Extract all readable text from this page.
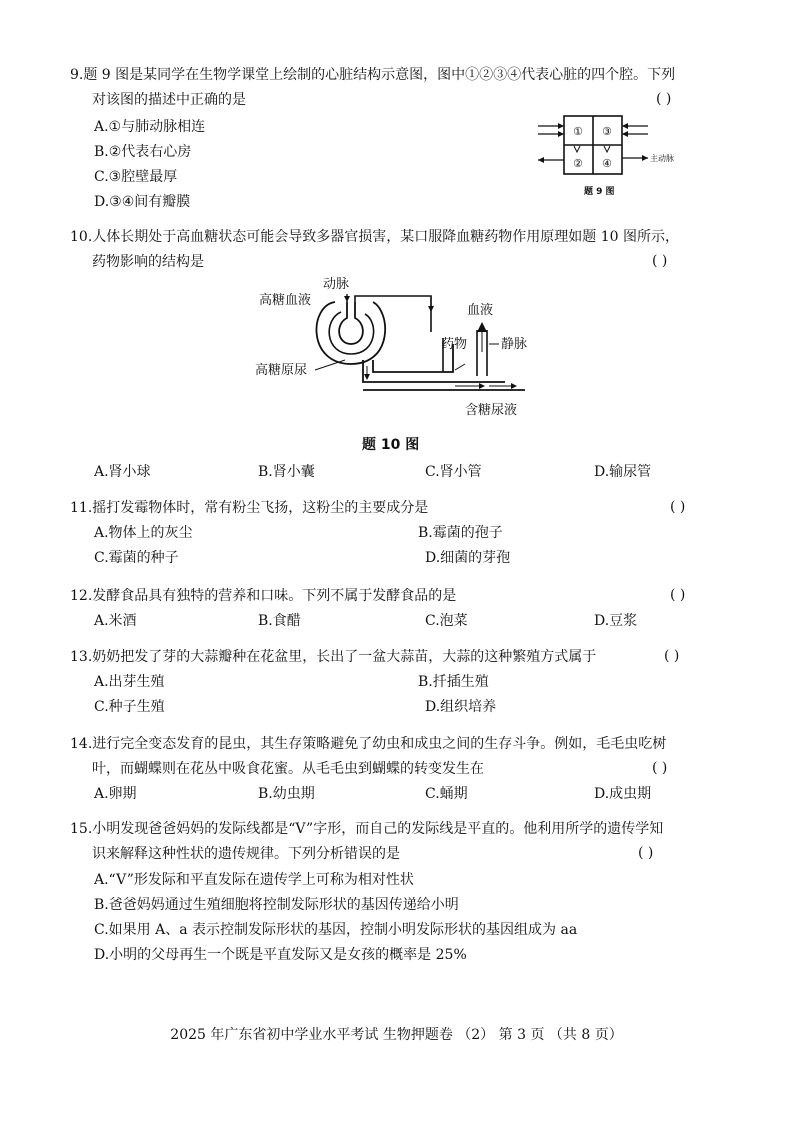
9.题 9 图是某同学在生物学课堂上绘制的心脏结构示意图，图中①②③④代表心脏的四个腔。下列
对该图的描述中正确的是	( )
A.①与肺动脉相连
B.②代表右心房
C.③腔壁最厚
D.③④间有瓣膜
① ③
② ④	主动脉
题 9 图
10.人体长期处于高血糖状态可能会导致多器官损害，某口服降血糖药物作用原理如题 10 图所示，
药物影响的结构是	( )
动脉
高糖血液
血液
药物	静脉
高糖原尿
含糖尿液
题 10 图
A.肾小球	B.肾小囊	C.肾小管	D.输尿管
11.摇打发霉物体时，常有粉尘飞扬，这粉尘的主要成分是	( )
A.物体上的灰尘	B.霉菌的孢子
C.霉菌的种子	D.细菌的芽孢
12.发酵食品具有独特的营养和口味。下列不属于发酵食品的是	( )
A.米酒	B.食醋	C.泡菜	D.豆浆
13.奶奶把发了芽的大蒜瓣种在花盆里，长出了一盆大蒜苗，大蒜的这种繁殖方式属于	( )
A.出芽生殖	B.扦插生殖
C.种子生殖	D.组织培养
14.进行完全变态发育的昆虫，其生存策略避免了幼虫和成虫之间的生存斗争。例如，毛毛虫吃树
叶，而蝴蝶则在花丛中吸食花蜜。从毛毛虫到蝴蝶的转变发生在	( )
A.卵期	B.幼虫期	C.蛹期	D.成虫期
15.小明发现爸爸妈妈的发际线都是“V”字形，而自己的发际线是平直的。他利用所学的遗传学知
识来解释这种性状的遗传规律。下列分析错误的是	( )
A.“V”形发际和平直发际在遗传学上可称为相对性状
B.爸爸妈妈通过生殖细胞将控制发际形状的基因传递给小明
C.如果用 A、a 表示控制发际形状的基因，控制小明发际形状的基因组成为 aa
D.小明的父母再生一个既是平直发际又是女孩的概率是 25%
2025 年广东省初中学业水平考试 生物押题卷 （2） 第 3 页 （共 8 页）
